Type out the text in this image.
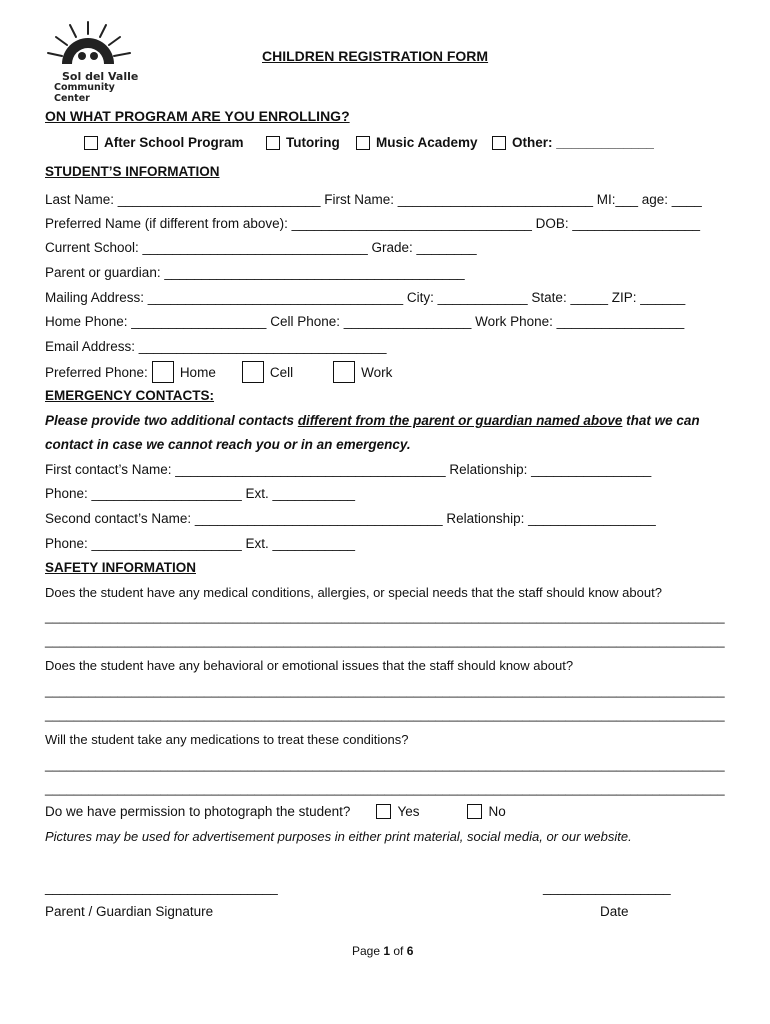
Sol del Valle
Community Center
CHILDREN REGISTRATION FORM
ON WHAT PROGRAM ARE YOU ENROLLING?
After School Program	Tutoring	Music Academy	Other: _____________
STUDENT’S INFORMATION
Last Name: ___________________________ First Name: __________________________ MI:___ age: ____
Preferred Name (if different from above): ________________________________ DOB: _________________
Current School: ______________________________ Grade: ________
Parent or guardian: ________________________________________
Mailing Address: __________________________________ City: ____________ State: _____ ZIP: ______
Home Phone: __________________ Cell Phone: _________________ Work Phone: _________________
Email Address: _________________________________
Preferred Phone: Home	Cell	Work
EMERGENCY CONTACTS:
Please provide two additional contacts different from the parent or guardian named above that we can
contact in case we cannot reach you or in an emergency.
First contact’s Name: ____________________________________ Relationship: ________________
Phone: ____________________ Ext. ___________
Second contact’s Name: _________________________________ Relationship: _________________
Phone: ____________________ Ext. ___________
SAFETY INFORMATION
Does the student have any medical conditions, allergies, or special needs that the staff should know about?
______________________________________________________________________________________________
______________________________________________________________________________________________
Does the student have any behavioral or emotional issues that the staff should know about?
______________________________________________________________________________________________
______________________________________________________________________________________________
Will the student take any medications to treat these conditions?
______________________________________________________________________________________________
______________________________________________________________________________________________
Do we have permission to photograph the student?	Yes	No
Pictures may be used for advertisement purposes in either print material, social media, or our website.
_______________________________	_________________
Parent / Guardian Signature	Date
Page 1 of 6
